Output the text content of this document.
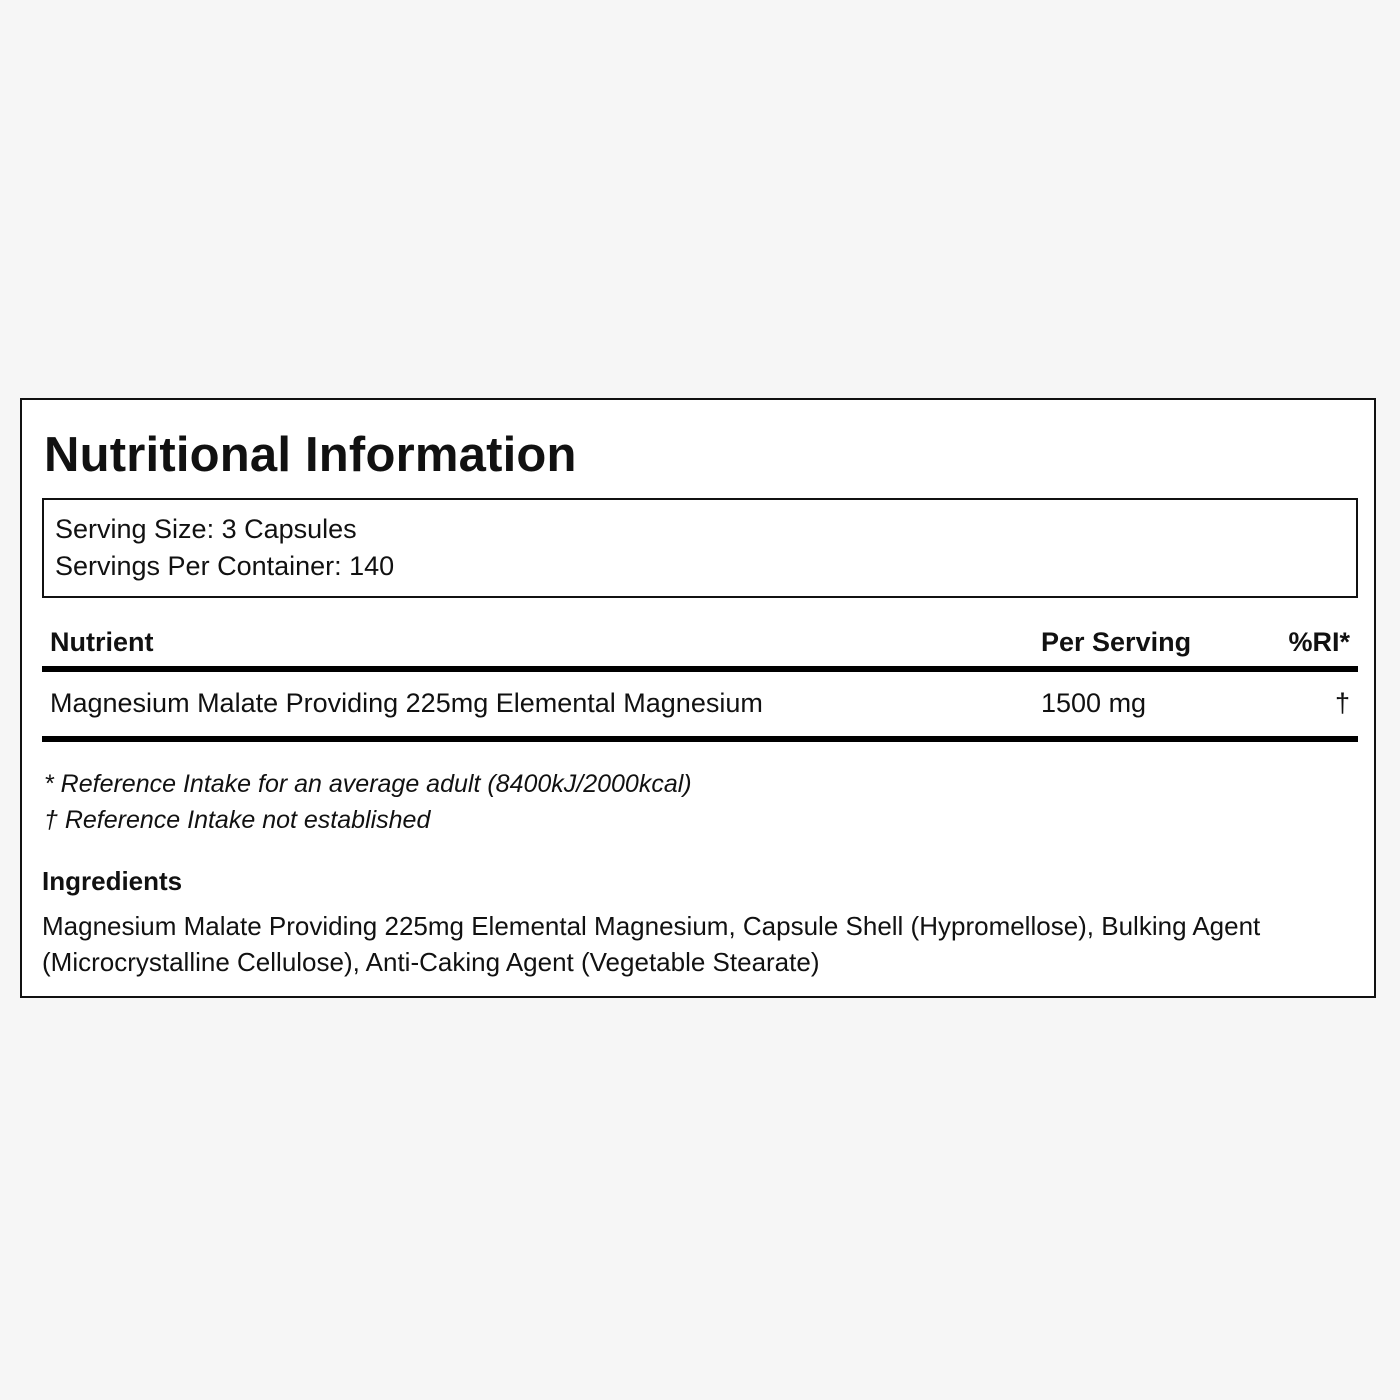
Nutritional Information
Serving Size: 3 Capsules
Servings Per Container: 140
Nutrient	Per Serving	%RI*
Magnesium Malate Providing 225mg Elemental Magnesium	1500 mg	†
* Reference Intake for an average adult (8400kJ/2000kcal)
† Reference Intake not established
Ingredients

Magnesium Malate Providing 225mg Elemental Magnesium, Capsule Shell (Hypromellose), Bulking Agent (Microcrystalline Cellulose), Anti-Caking Agent (Vegetable Stearate)
